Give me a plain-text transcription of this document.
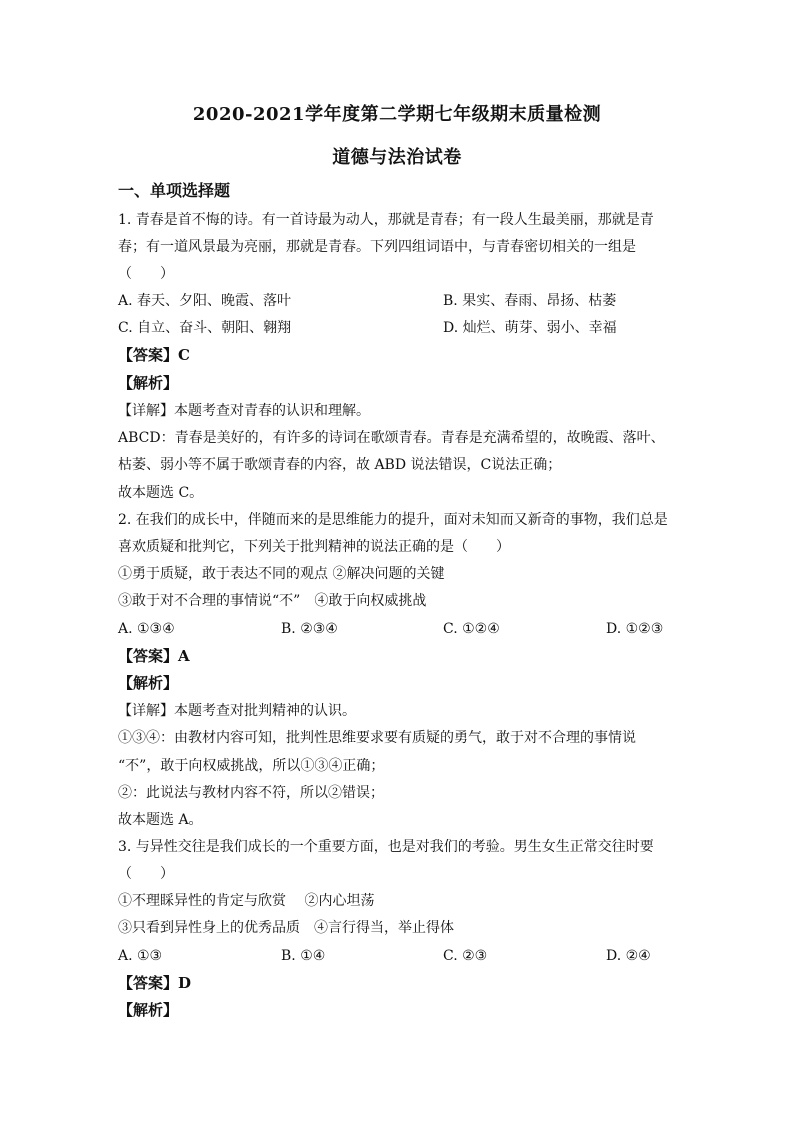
2020-2021学年度第二学期七年级期末质量检测
道德与法治试卷
一、单项选择题
1. 青春是首不悔的诗。有一首诗最为动人，那就是青春；有一段人生最美丽，那就是青
春；有一道风景最为亮丽，那就是青春。下列四组词语中，与青春密切相关的一组是
（　　）
A. 春天、夕阳、晚霞、落叶	B. 果实、春雨、昂扬、枯萎
C. 自立、奋斗、朝阳、翱翔	D. 灿烂、萌芽、弱小、幸福
【答案】C
【解析】
【详解】本题考查对青春的认识和理解。
ABCD：青春是美好的，有许多的诗词在歌颂青春。青春是充满希望的，故晚霞、落叶、
枯萎、弱小等不属于歌颂青春的内容，故 ABD 说法错误，C说法正确；
故本题选 C。
2. 在我们的成长中，伴随而来的是思维能力的提升，面对未知而又新奇的事物，我们总是
喜欢质疑和批判它，下列关于批判精神的说法正确的是（　　）
①勇于质疑，敢于表达不同的观点 ②解决问题的关键
③敢于对不合理的事情说“不”　④敢于向权威挑战
A. ①③④	B. ②③④	C. ①②④	D. ①②③
【答案】A
【解析】
【详解】本题考查对批判精神的认识。
①③④：由教材内容可知，批判性思维要求要有质疑的勇气，敢于对不合理的事情说
“不”，敢于向权威挑战，所以①③④正确；
②：此说法与教材内容不符，所以②错误；
故本题选 A。
3. 与异性交往是我们成长的一个重要方面，也是对我们的考验。男生女生正常交往时要
（　　）
①不理睬异性的肯定与欣赏　 ②内心坦荡
③只看到异性身上的优秀品质　④言行得当，举止得体
A. ①③	B. ①④	C. ②③	D. ②④
【答案】D
【解析】
